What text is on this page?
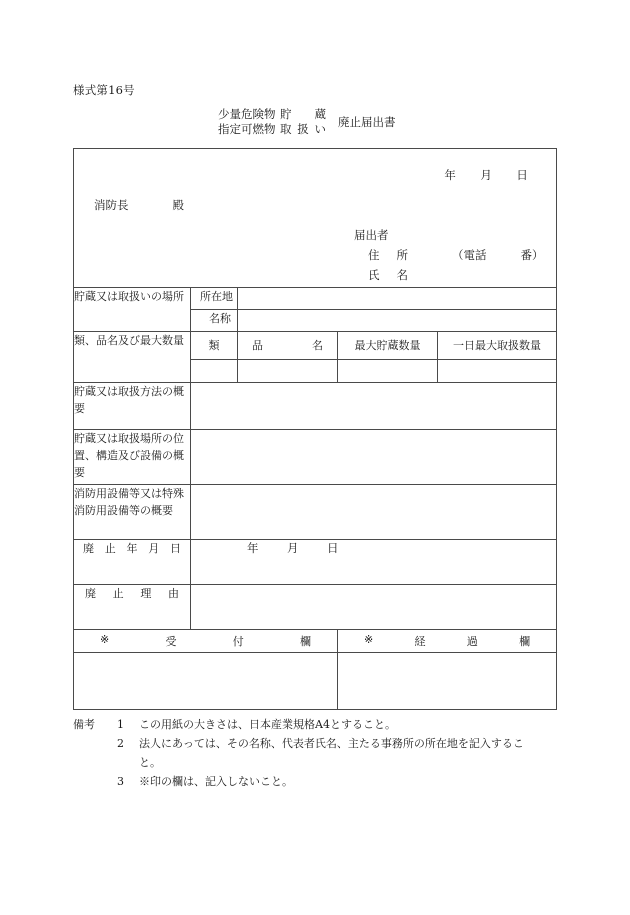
様式第16号
少量危険物 貯 蔵
指定可燃物 取 扱 い 廃止届出書
年	月	日
消防長	殿
届出者
住 所	（電話	番）
氏 名

貯蔵又は取扱いの場所	所 在 地			

	名 称			

類、品名及び最大数量	類	品 名	最大貯蔵数量	一日最大取扱数量

貯蔵又は取扱方法の概要				

貯蔵又は取扱場所の位置、構造及び設備の概要				

消防用設備等又は特殊消防用設備等の概要				

廃 止 年 月 日	年 月 日			

廃 止 理 由				

※ 受 付 欄			※ 経 過 欄	

備考	1	この用紙の大きさは、日本産業規格A4とすること。
2	法人にあっては、その名称、代表者氏名、主たる事務所の所在地を記入するこ
と。
3	※印の欄は、記入しないこと。
